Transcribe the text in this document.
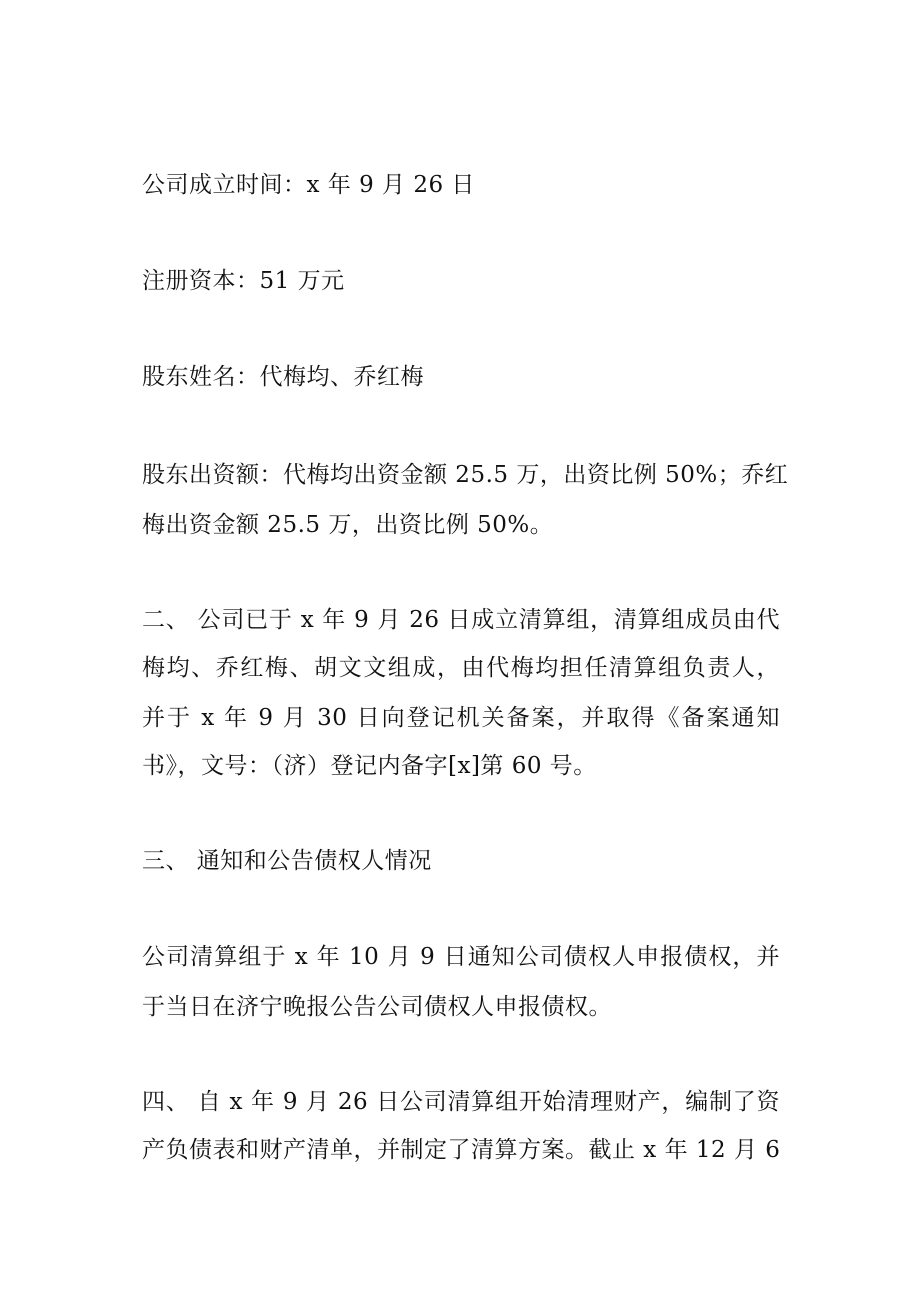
公司成立时间：x 年 9 月 26 日
注册资本：51 万元
股东姓名：代梅均、乔红梅
股东出资额：代梅均出资金额 25.5 万，出资比例 50%；乔红
梅出资金额 25.5 万，出资比例 50%。
二、 公司已于 x 年 9 月 26 日成立清算组，清算组成员由代
梅均、乔红梅、胡文文组成，由代梅均担任清算组负责人，
并于 x 年 9 月 30 日向登记机关备案，并取得《备案通知
书》，文号：（济）登记内备字[x]第 60 号。
三、 通知和公告债权人情况
公司清算组于 x 年 10 月 9 日通知公司债权人申报债权，并
于当日在济宁晚报公告公司债权人申报债权。
四、 自 x 年 9 月 26 日公司清算组开始清理财产，编制了资
产负债表和财产清单，并制定了清算方案。截止 x 年 12 月 6
